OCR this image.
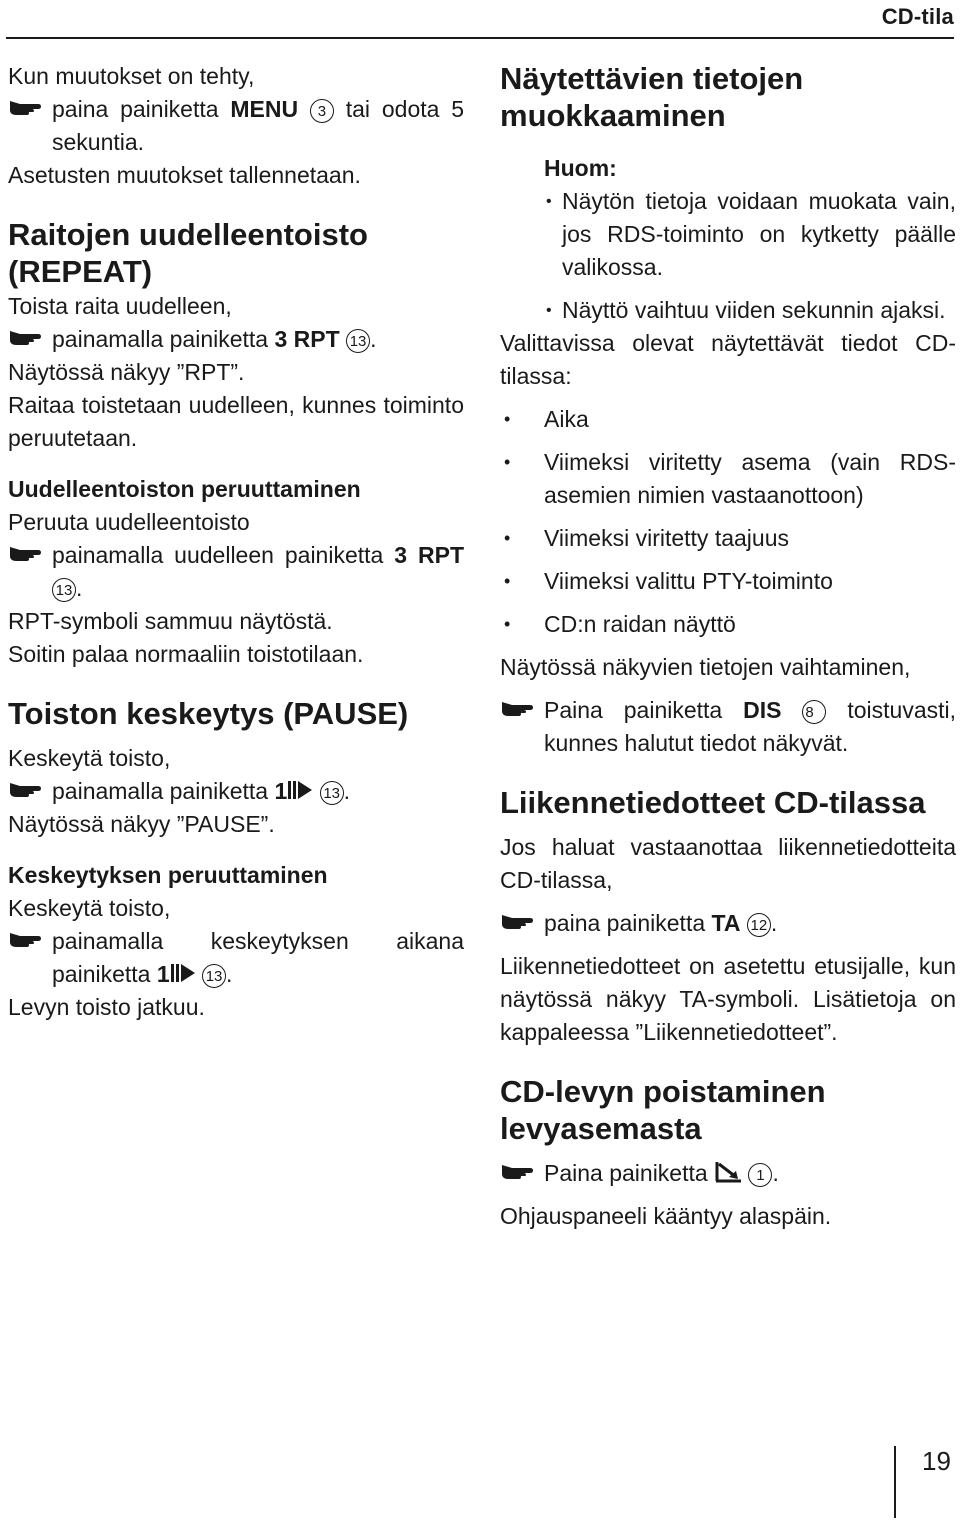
CD-tila

Kun muutokset on tehty,

paina painiketta MENU 3 tai odota 5 sekuntia.

Asetusten muutokset tallennetaan.

Raitojen uudelleentoisto (REPEAT)

Toista raita uudelleen,

painamalla painiketta 3 RPT 13 .

Näytössä näkyy ”RPT”.

Raitaa toistetaan uudelleen, kunnes toiminto peruutetaan.

Uudelleentoiston peruuttaminen

Peruuta uudelleentoisto

painamalla uudelleen painiketta 3 RPT 13 .

RPT-symboli sammuu näytöstä.

Soitin palaa normaaliin toistotilaan.

Toiston keskeytys (PAUSE)

Keskeytä toisto,

painamalla painiketta 1 13 .

Näytössä näkyy ”PAUSE”.

Keskeytyksen peruuttaminen

Keskeytä toisto,

painamalla keskeytyksen aikana painiketta 1 13 .

Levyn toisto jatkuu.

Näytettävien tietojen muokkaaminen
Huom:
• Näytön tietoja voidaan muokata vain, jos RDS-toiminto on kytketty päälle valikossa.
• Näyttö vaihtuu viiden sekunnin ajaksi.

Valittavissa olevat näytettävät tiedot CD-tilassa:

• Aika
• Viimeksi viritetty asema (vain RDS-asemien nimien vastaanottoon)
• Viimeksi viritetty taajuus
• Viimeksi valittu PTY-toiminto
• CD:n raidan näyttö

Näytössä näkyvien tietojen vaihtaminen,

Paina painiketta DIS 8 toistuvasti, kunnes halutut tiedot näkyvät.
Liikennetiedotteet CD-tilassa

Jos haluat vastaanottaa liikennetiedotteita CD-tilassa,

paina painiketta TA 12 .

Liikennetiedotteet on asetettu etusijalle, kun näytössä näkyy TA-symboli. Lisätietoja on kappaleessa ”Liikennetiedotteet”.

CD-levyn poistaminen levyasemasta
Paina painiketta	1 .

Ohjauspaneeli kääntyy alaspäin.

19
